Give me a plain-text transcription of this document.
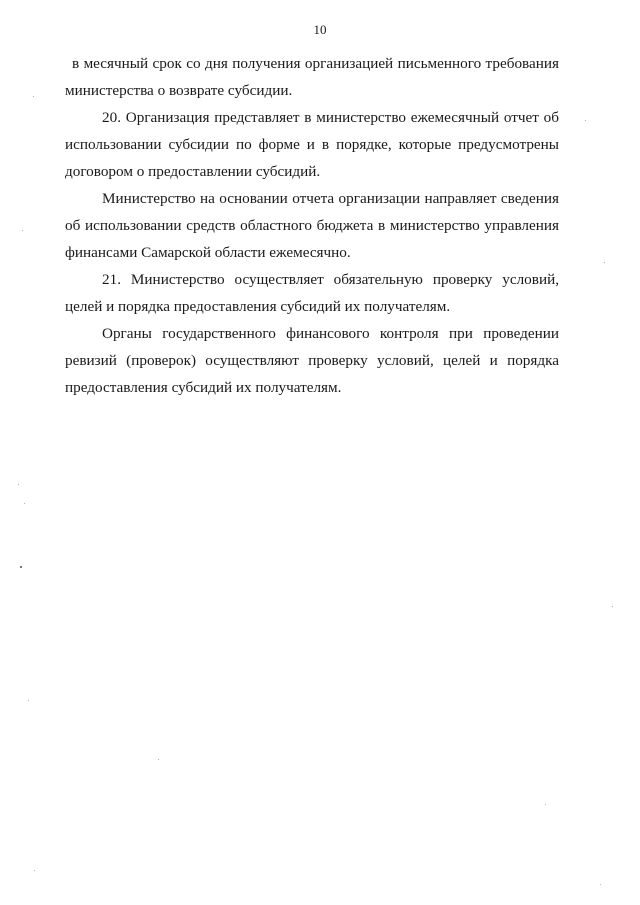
10

в месячный срок со дня получения организацией письменного требования министерства о возврате субсидии.

20. Организация представляет в министерство ежемесячный отчет об использовании субсидии по форме и в порядке, которые предусмотрены договором о предоставлении субсидий.

Министерство на основании отчета организации направляет сведения об использовании средств областного бюджета в министерство управления финансами Самарской области ежемесячно.

21. Министерство осуществляет обязательную проверку условий, целей и порядка предоставления субсидий их получателям.

Органы государственного финансового контроля при проведении ревизий (проверок) осуществляют проверку условий, целей и порядка предоставления субсидий их получателям.
